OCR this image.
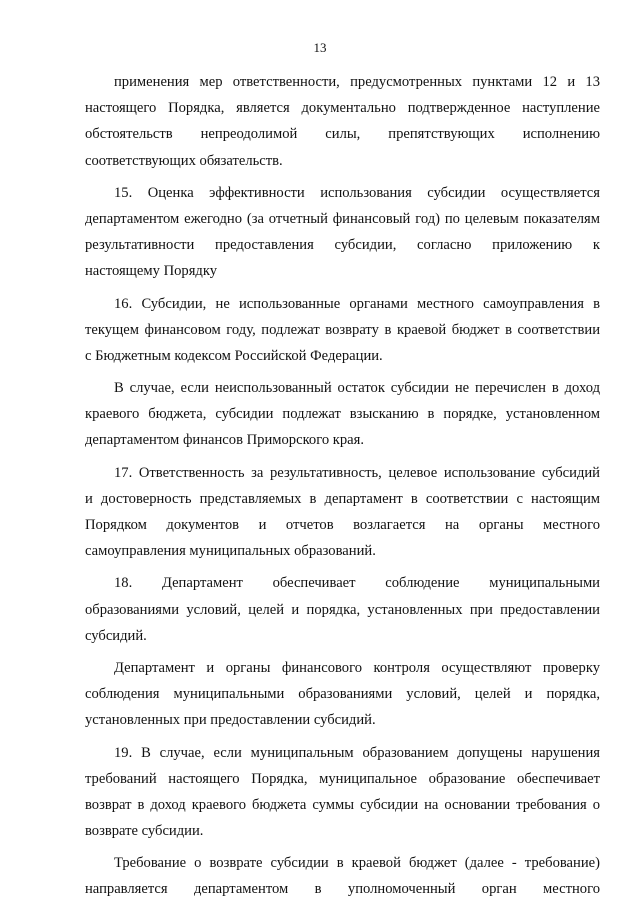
13
применения мер ответственности, предусмотренных пунктами 12 и 13
настоящего Порядка, является документально подтвержденное наступление
обстоятельств непреодолимой силы, препятствующих исполнению
соответствующих обязательств.
15. Оценка эффективности использования субсидии осуществляется
департаментом ежегодно (за отчетный финансовый год) по целевым показателям
результативности предоставления субсидии, согласно приложению к
настоящему Порядку
16. Субсидии, не использованные органами местного самоуправления в
текущем финансовом году, подлежат возврату в краевой бюджет в соответствии
с Бюджетным кодексом Российской Федерации.
В случае, если неиспользованный остаток субсидии не перечислен в доход
краевого бюджета, субсидии подлежат взысканию в порядке, установленном
департаментом финансов Приморского края.
17. Ответственность за результативность, целевое использование субсидий
и достоверность представляемых в департамент в соответствии с настоящим
Порядком документов и отчетов возлагается на органы местного
самоуправления муниципальных образований.
18. Департамент обеспечивает соблюдение муниципальными
образованиями условий, целей и порядка, установленных при предоставлении
субсидий.
Департамент и органы финансового контроля осуществляют проверку
соблюдения муниципальными образованиями условий, целей и порядка,
установленных при предоставлении субсидий.
19. В случае, если муниципальным образованием допущены нарушения
требований настоящего Порядка, муниципальное образование обеспечивает
возврат в доход краевого бюджета суммы субсидии на основании требования о
возврате субсидии.
Требование о возврате субсидии в краевой бюджет (далее - требование)
направляется департаментом в уполномоченный орган местного
